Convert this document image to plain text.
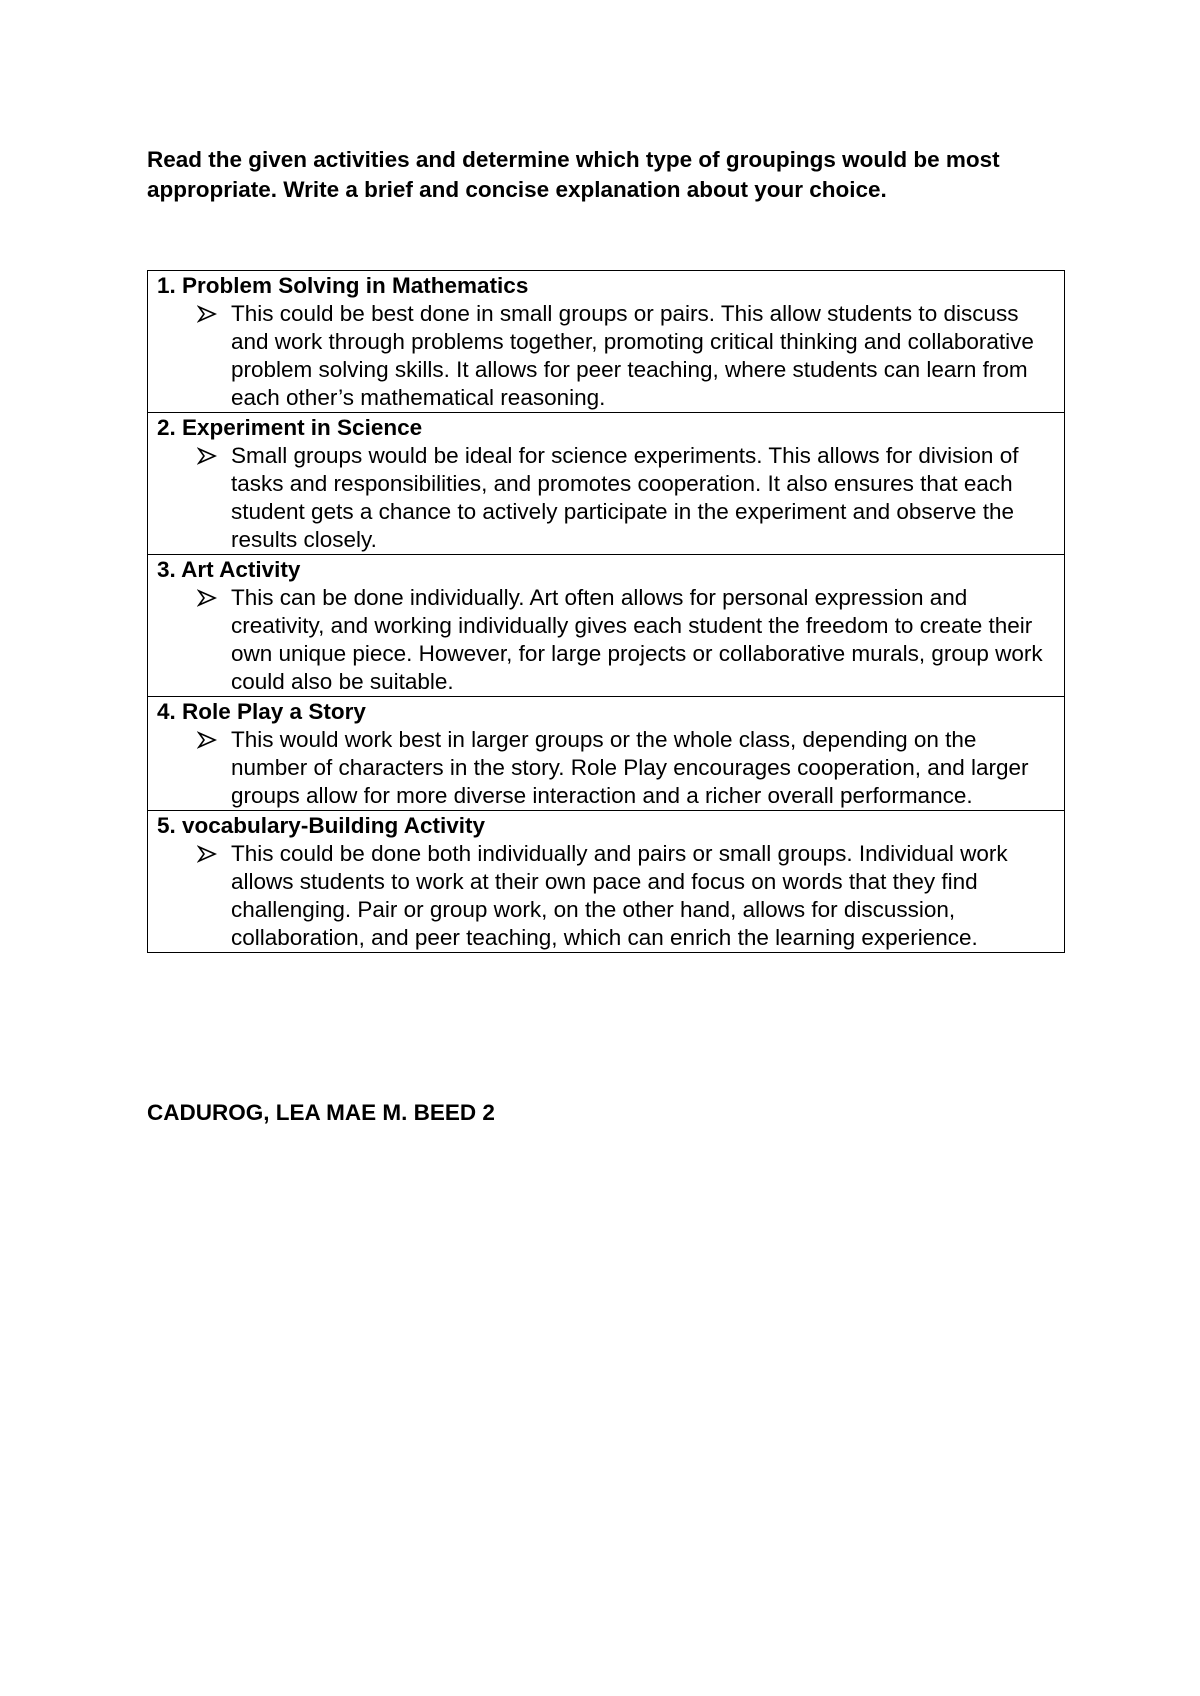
Read the given activities and determine which type of groupings would be most appropriate. Write a brief and concise explanation about your choice.

1. Problem Solving in Mathematics
This could be best done in small groups or pairs. This allow students to discuss and work through problems together, promoting critical thinking and collaborative problem solving skills. It allows for peer teaching, where students can learn from each other’s mathematical reasoning.

2. Experiment in Science
Small groups would be ideal for science experiments. This allows for division of tasks and responsibilities, and promotes cooperation. It also ensures that each student gets a chance to actively participate in the experiment and observe the results closely.

3. Art Activity
This can be done individually. Art often allows for personal expression and creativity, and working individually gives each student the freedom to create their own unique piece. However, for large projects or collaborative murals, group work could also be suitable.

4. Role Play a Story
This would work best in larger groups or the whole class, depending on the number of characters in the story. Role Play encourages cooperation, and larger groups allow for more diverse interaction and a richer overall performance.

5. vocabulary-Building Activity
This could be done both individually and pairs or small groups. Individual work allows students to work at their own pace and focus on words that they find challenging. Pair or group work, on the other hand, allows for discussion, collaboration, and peer teaching, which can enrich the learning experience.

CADUROG, LEA MAE M. BEED 2
